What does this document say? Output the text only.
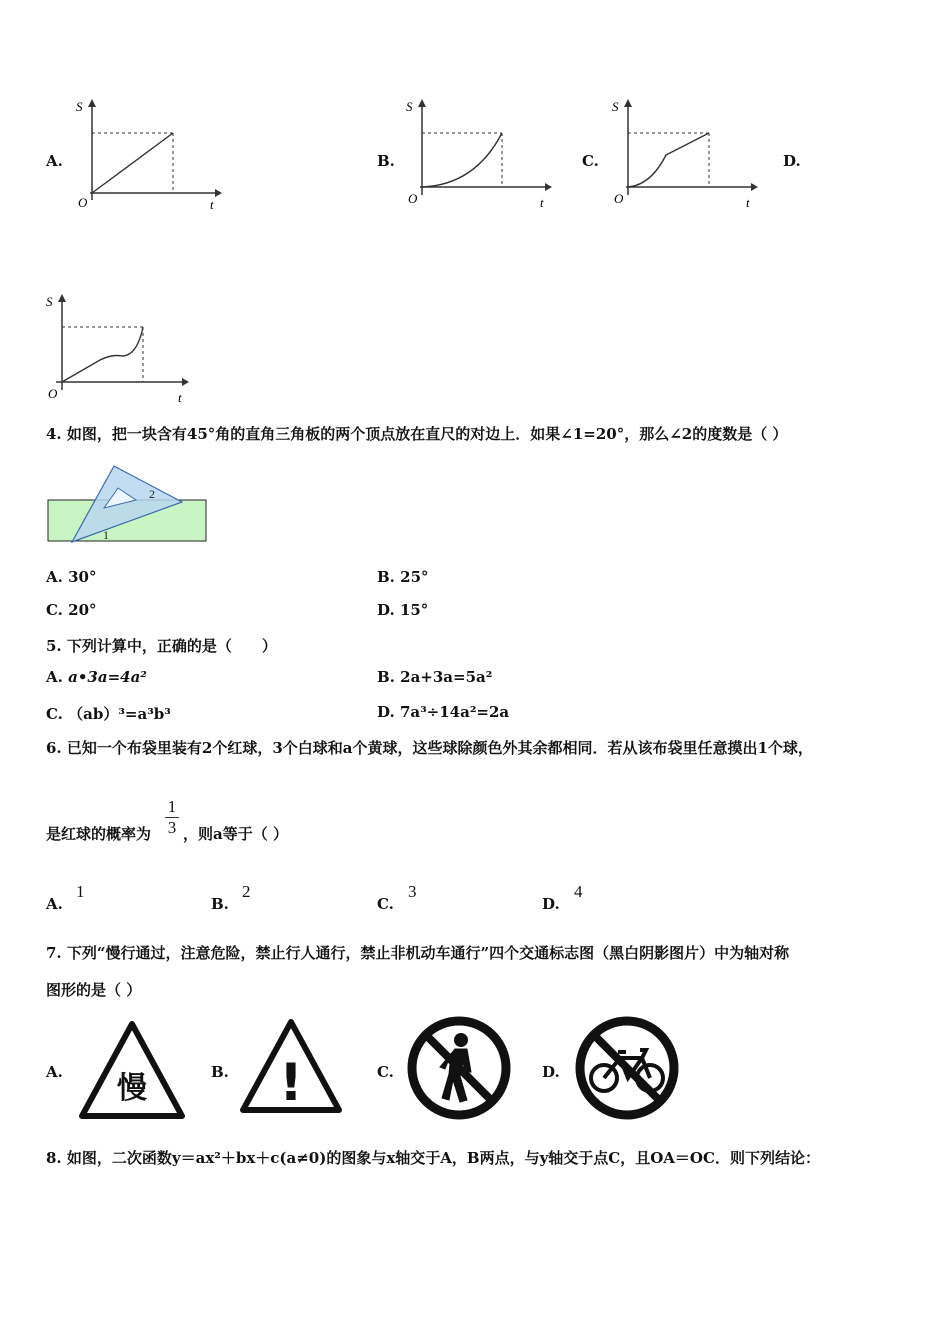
A.
S
O	t
B.
S
O	t
C.
S
O	t
D.
S
O	t
4. 如图，把一块含有45°角的直角三角板的两个顶点放在直尺的对边上．如果∠1=20°，那么∠2的度数是（ ）
2
1
A. 30°	B. 25°
C. 20°	D. 15°
5. 下列计算中，正确的是（　　）
A. a•3a=4a²	B. 2a+3a=5a²
C. （ab）³=a³b³	D. 7a³÷14a²=2a
6. 已知一个布袋里装有2个红球，3个白球和a个黄球，这些球除颜色外其余都相同．若从该布袋里任意摸出1个球，
是红球的概率为
1
3 ，则a等于（ ）
A.
1
B.
2
C.
3
D.
4
7. 下列“慢行通过，注意危险，禁止行人通行，禁止非机动车通行”四个交通标志图（黑白阴影图片）中为轴对称
图形的是（ ）
A. 慢	B. !	C.	D.
8. 如图，二次函数y＝ax²＋bx＋c(a≠0)的图象与x轴交于A，B两点，与y轴交于点C，且OA＝OC．则下列结论：
